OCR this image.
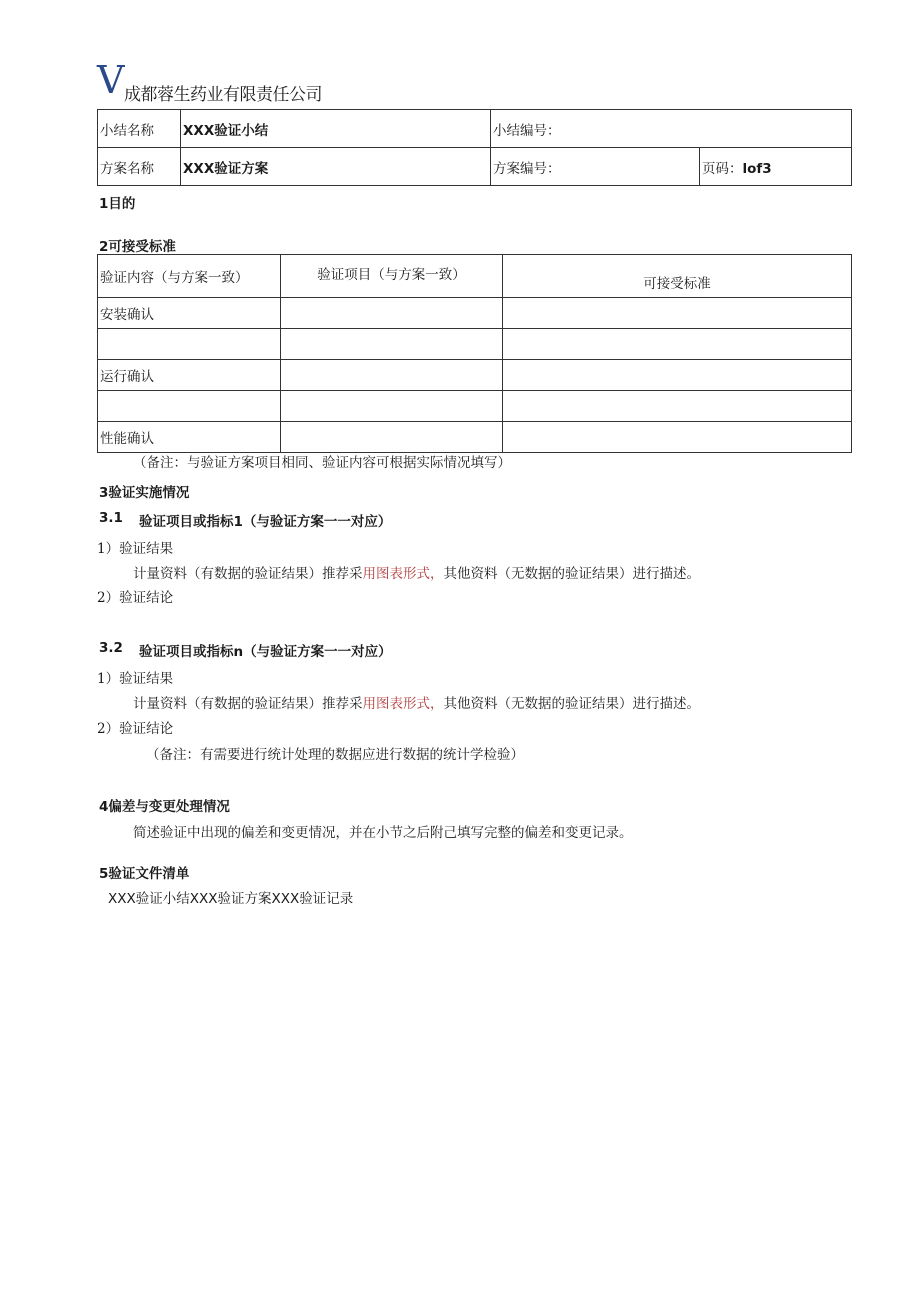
V 成都蓉生药业有限责任公司
小结名称	XXX验证小结	小结编号：	
方案名称	XXX验证方案	方案编号：	页码：lof3
1目的
2可接受标准
验证内容（与方案一致）	验证项目（与方案一致）	可接受标准
安装确认		

运行确认		

性能确认		
（备注：与验证方案项目相同、验证内容可根据实际情况填写）
3验证实施情况
3.1 验证项目或指标1（与验证方案一一对应）
1）验证结果
计量资料（有数据的验证结果）推荐采用图表形式，其他资料（无数据的验证结果）进行描述。
2）验证结论
3.2 验证项目或指标n（与验证方案一一对应）
1）验证结果
计量资料（有数据的验证结果）推荐采用图表形式，其他资料（无数据的验证结果）进行描述。
2）验证结论
（备注：有需要进行统计处理的数据应进行数据的统计学检验）
4偏差与变更处理情况
简述验证中出现的偏差和变更情况，并在小节之后附己填写完整的偏差和变更记录。
5验证文件清单
XXX验证小结XXX验证方案XXX验证记录
